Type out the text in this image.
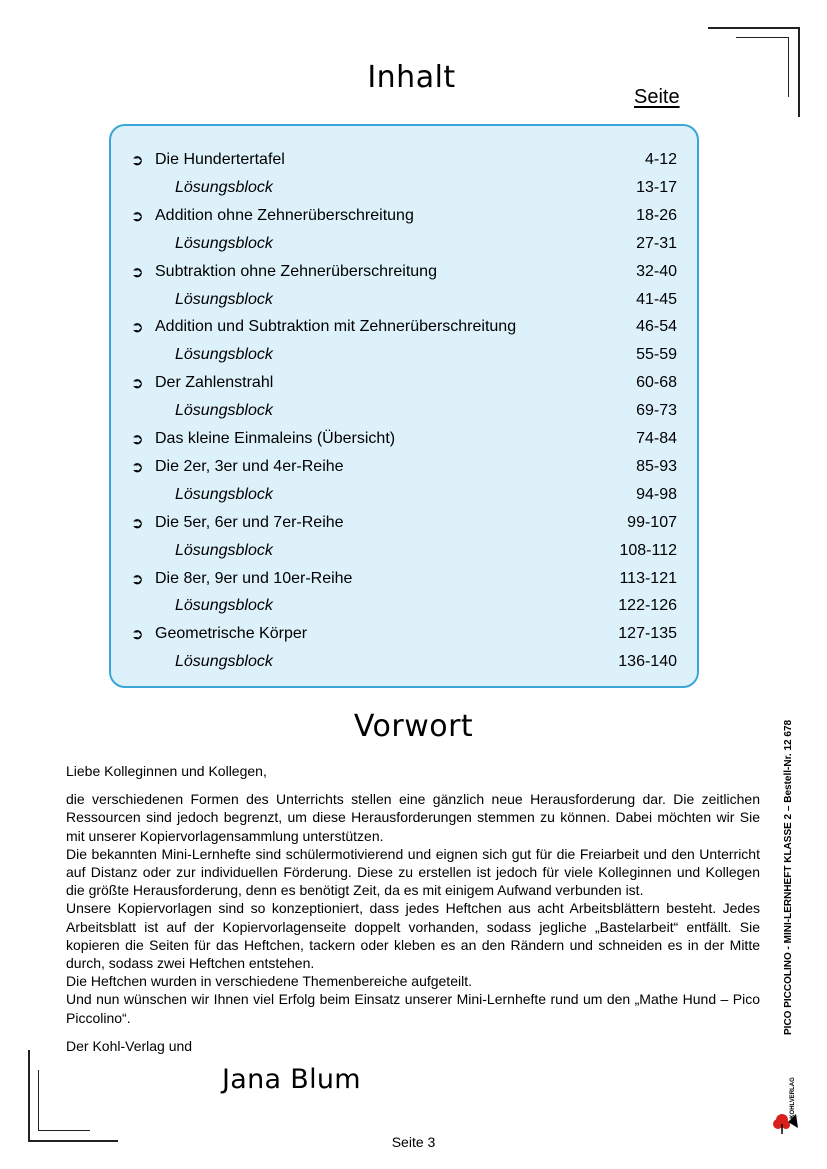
Inhalt
Seite
➲ Die Hundertertafel	4-12
Lösungsblock	13-17
➲ Addition ohne Zehnerüberschreitung	18-26
Lösungsblock	27-31
➲ Subtraktion ohne Zehnerüberschreitung	32-40
Lösungsblock	41-45
➲ Addition und Subtraktion mit Zehnerüberschreitung	46-54
Lösungsblock	55-59
➲ Der Zahlenstrahl	60-68
Lösungsblock	69-73
➲ Das kleine Einmaleins (Übersicht)	74-84
➲ Die 2er, 3er und 4er-Reihe	85-93
Lösungsblock	94-98
➲ Die 5er, 6er und 7er-Reihe	99-107
Lösungsblock	108-112
➲ Die 8er, 9er und 10er-Reihe	113-121
Lösungsblock	122-126
➲ Geometrische Körper	127-135
Lösungsblock	136-140
Vorwort

Liebe Kolleginnen und Kollegen,

die verschiedenen Formen des Unterrichts stellen eine gänzlich neue Herausforderung dar. Die zeitlichen Ressourcen sind jedoch begrenzt, um diese Herausforderungen stemmen zu können. Dabei möchten wir Sie mit unserer Kopiervorlagensammlung unterstützen.
Die bekannten Mini-Lernhefte sind schülermotivierend und eignen sich gut für die Freiarbeit und den Unterricht auf Distanz oder zur individuellen Förderung. Diese zu erstellen ist jedoch für viele Kolleginnen und Kollegen die größte Herausforderung, denn es benötigt Zeit, da es mit einigem Aufwand verbunden ist.
Unsere Kopiervorlagen sind so konzeptioniert, dass jedes Heftchen aus acht Arbeitsblättern besteht. Jedes Arbeitsblatt ist auf der Kopiervorlagenseite doppelt vorhanden, sodass jegliche „Bastelarbeit“ entfällt. Sie kopieren die Seiten für das Heftchen, tackern oder kleben es an den Rändern und schneiden es in der Mitte durch, sodass zwei Heftchen entstehen.
Die Heftchen wurden in verschiedene Themenbereiche aufgeteilt.
Und nun wünschen wir Ihnen viel Erfolg beim Einsatz unserer Mini-Lernhefte rund um den „Mathe Hund – Pico Piccolino“.

Der Kohl-Verlag und

Jana Blum
Seite 3
PICO PICCOLINO - MINI-LERNHEFT KLASSE 2 – Bestell-Nr. 12 678
KOHLVERLAG
